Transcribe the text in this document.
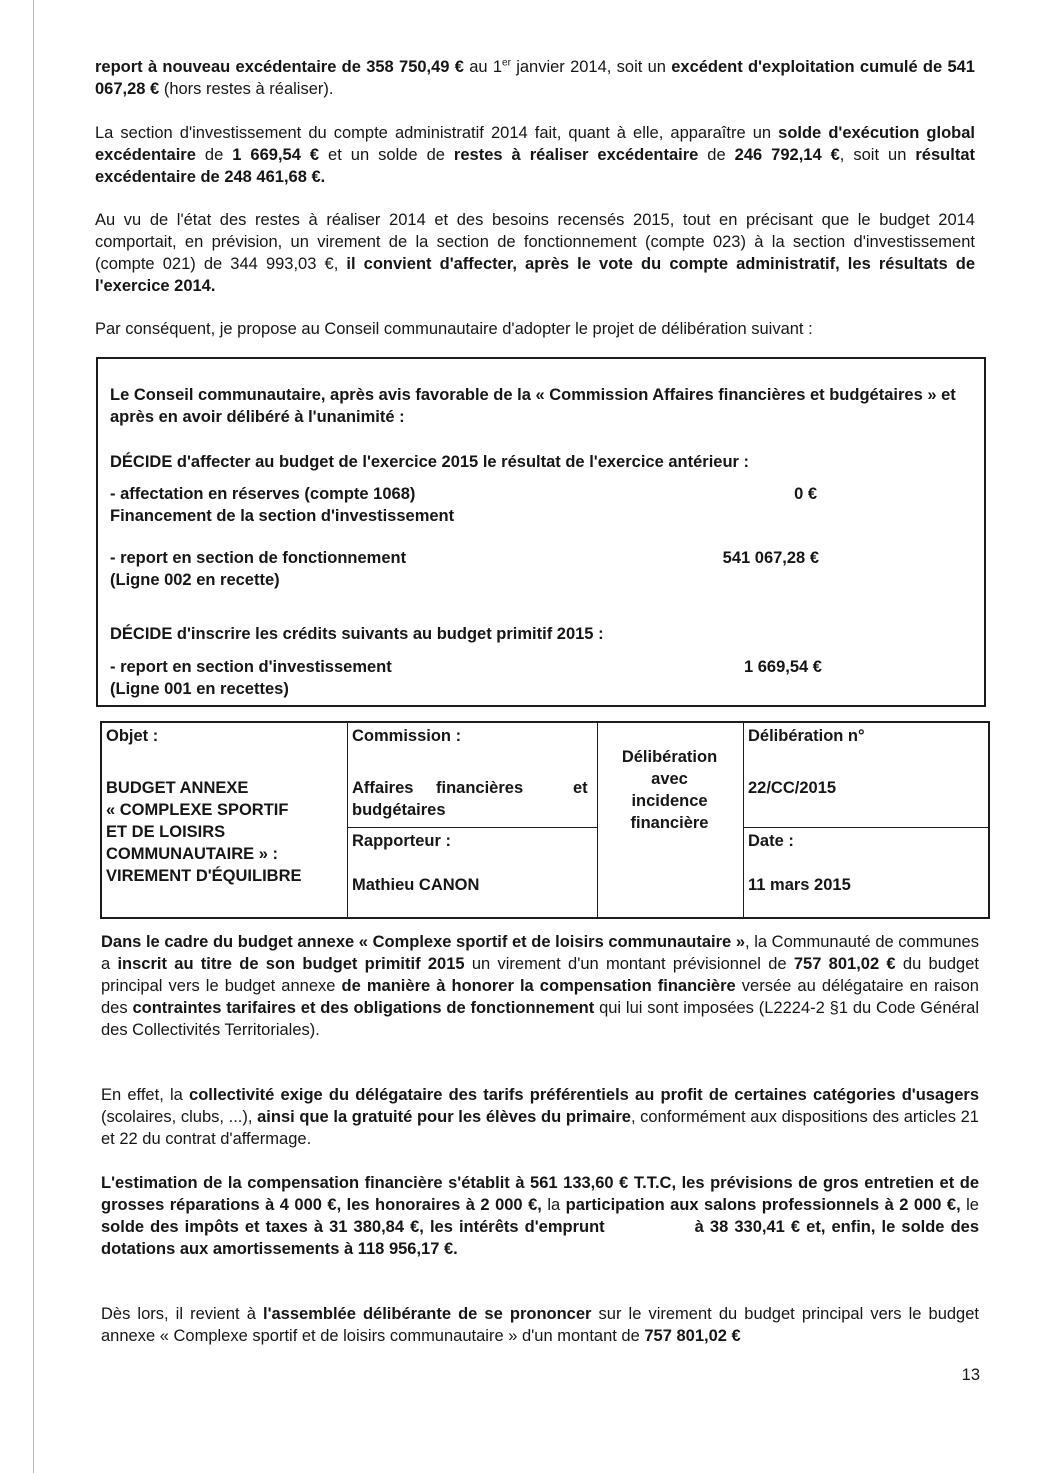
report à nouveau excédentaire de 358 750,49 € au 1er janvier 2014, soit un excédent d'exploitation cumulé de 541 067,28 € (hors restes à réaliser).

La section d'investissement du compte administratif 2014 fait, quant à elle, apparaître un solde d'exécution global excédentaire de 1 669,54 € et un solde de restes à réaliser excédentaire de 246 792,14 €, soit un résultat excédentaire de 248 461,68 €.

Au vu de l'état des restes à réaliser 2014 et des besoins recensés 2015, tout en précisant que le budget 2014 comportait, en prévision, un virement de la section de fonctionnement (compte 023) à la section d'investissement (compte 021) de 344 993,03 €, il convient d'affecter, après le vote du compte administratif, les résultats de l'exercice 2014.

Par conséquent, je propose au Conseil communautaire d'adopter le projet de délibération suivant :

Le Conseil communautaire, après avis favorable de la « Commission Affaires financières et budgétaires » et après en avoir délibéré à l'unanimité :

DÉCIDE d'affecter au budget de l'exercice 2015 le résultat de l'exercice antérieur :

- affectation en réserves (compte 1068)

Financement de la section d'investissement

0 €

- report en section de fonctionnement

(Ligne 002 en recette)

541 067,28 €

DÉCIDE d'inscrire les crédits suivants au budget primitif 2015 :

- report en section d'investissement

(Ligne 001 en recettes)

1 669,54 €
Objet :
BUDGET ANNEXE
« COMPLEXE SPORTIF
ET DE LOISIRS
COMMUNAUTAIRE » :
VIREMENT D'ÉQUILIBRE
Commission :
Affaires financières	et
budgétaires
Rapporteur :
Mathieu CANON
Délibération
avec
incidence
financière
Délibération n°
22/CC/2015
Date :
11 mars 2015

Dans le cadre du budget annexe « Complexe sportif et de loisirs communautaire », la Communauté de communes a inscrit au titre de son budget primitif 2015 un virement d'un montant prévisionnel de 757 801,02 € du budget principal vers le budget annexe de manière à honorer la compensation financière versée au délégataire en raison des contraintes tarifaires et des obligations de fonctionnement qui lui sont imposées (L2224-2 §1 du Code Général des Collectivités Territoriales).

En effet, la collectivité exige du délégataire des tarifs préférentiels au profit de certaines catégories d'usagers (scolaires, clubs, ...), ainsi que la gratuité pour les élèves du primaire, conformément aux dispositions des articles 21 et 22 du contrat d'affermage.

L'estimation de la compensation financière s'établit à 561 133,60 € T.T.C, les prévisions de gros entretien et de grosses réparations à 4 000 €, les honoraires à 2 000 €, la participation aux salons professionnels à 2 000 €, le solde des impôts et taxes à 31 380,84 €, les intérêts d'emprunt	à 38 330,41 € et, enfin, le solde des dotations aux amortissements à 118 956,17 €.

Dès lors, il revient à l'assemblée délibérante de se prononcer sur le virement du budget principal vers le budget annexe « Complexe sportif et de loisirs communautaire » d'un montant de 757 801,02 €

13
